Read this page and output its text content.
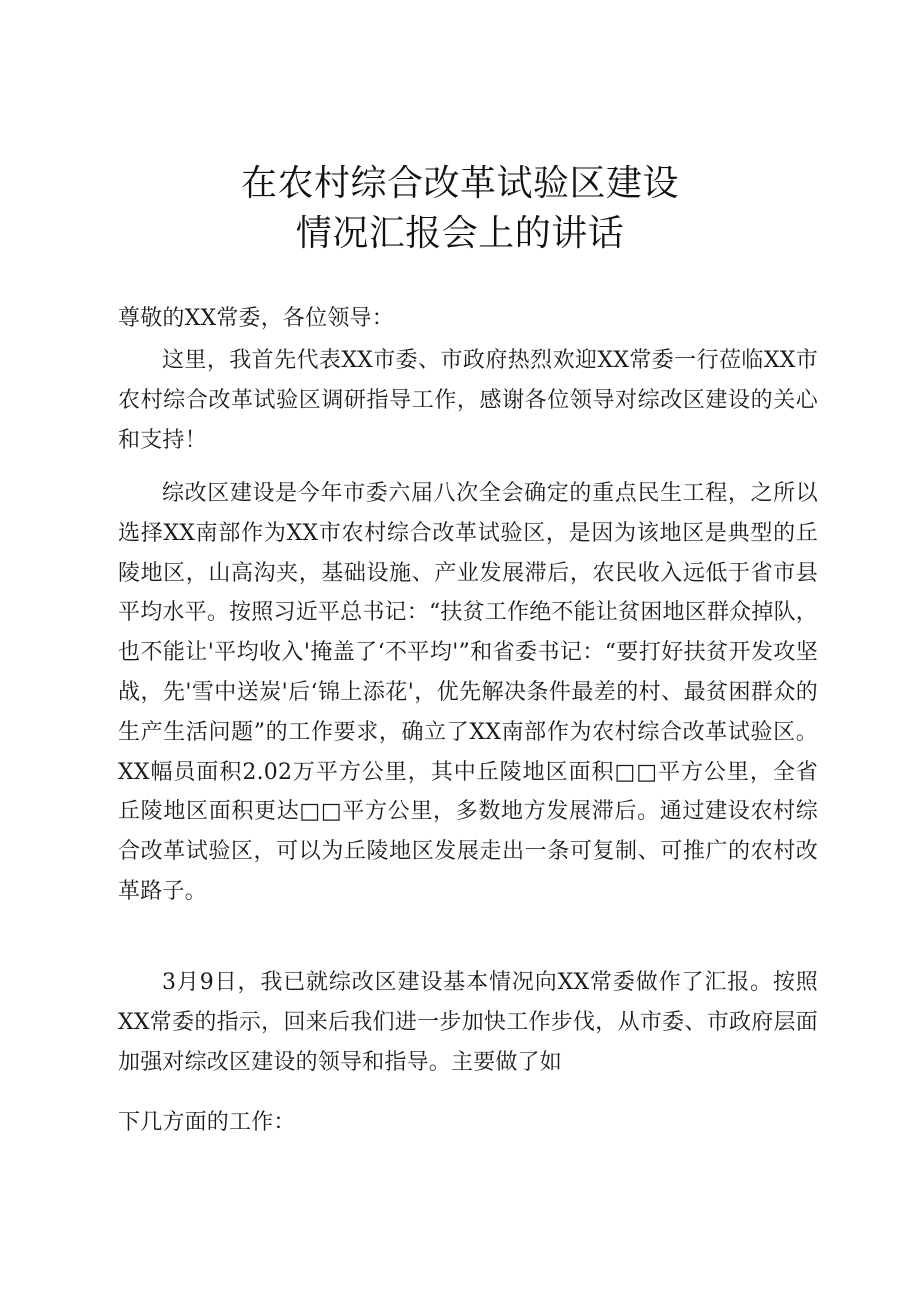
在农村综合改革试验区建设
情况汇报会上的讲话

尊敬的XX常委，各位领导：

这里，我首先代表XX市委、市政府热烈欢迎XX常委一行莅临XX市农村综合改革试验区调研指导工作，感谢各位领导对综改区建设的关心和支持！

综改区建设是今年市委六届八次全会确定的重点民生工程，之所以选择XX南部作为XX市农村综合改革试验区，是因为该地区是典型的丘陵地区，山高沟夹，基础设施、产业发展滞后，农民收入远低于省市县平均水平。按照习近平总书记：“扶贫工作绝不能让贫困地区群众掉队，也不能让'平均收入'掩盖了‘不平均'”和省委书记：“要打好扶贫开发攻坚战，先'雪中送炭'后‘锦上添花'，优先解决条件最差的村、最贫困群众的生产生活问题”的工作要求，确立了XX南部作为农村综合改革试验区。XX幅员面积2.02万平方公里，其中丘陵地区面积□□平方公里，全省丘陵地区面积更达□□平方公里，多数地方发展滞后。通过建设农村综合改革试验区，可以为丘陵地区发展走出一条可复制、可推广的农村改革路子。

3月9日，我已就综改区建设基本情况向XX常委做作了汇报。按照XX常委的指示，回来后我们进一步加快工作步伐，从市委、市政府层面加强对综改区建设的领导和指导。主要做了如

下几方面的工作：
